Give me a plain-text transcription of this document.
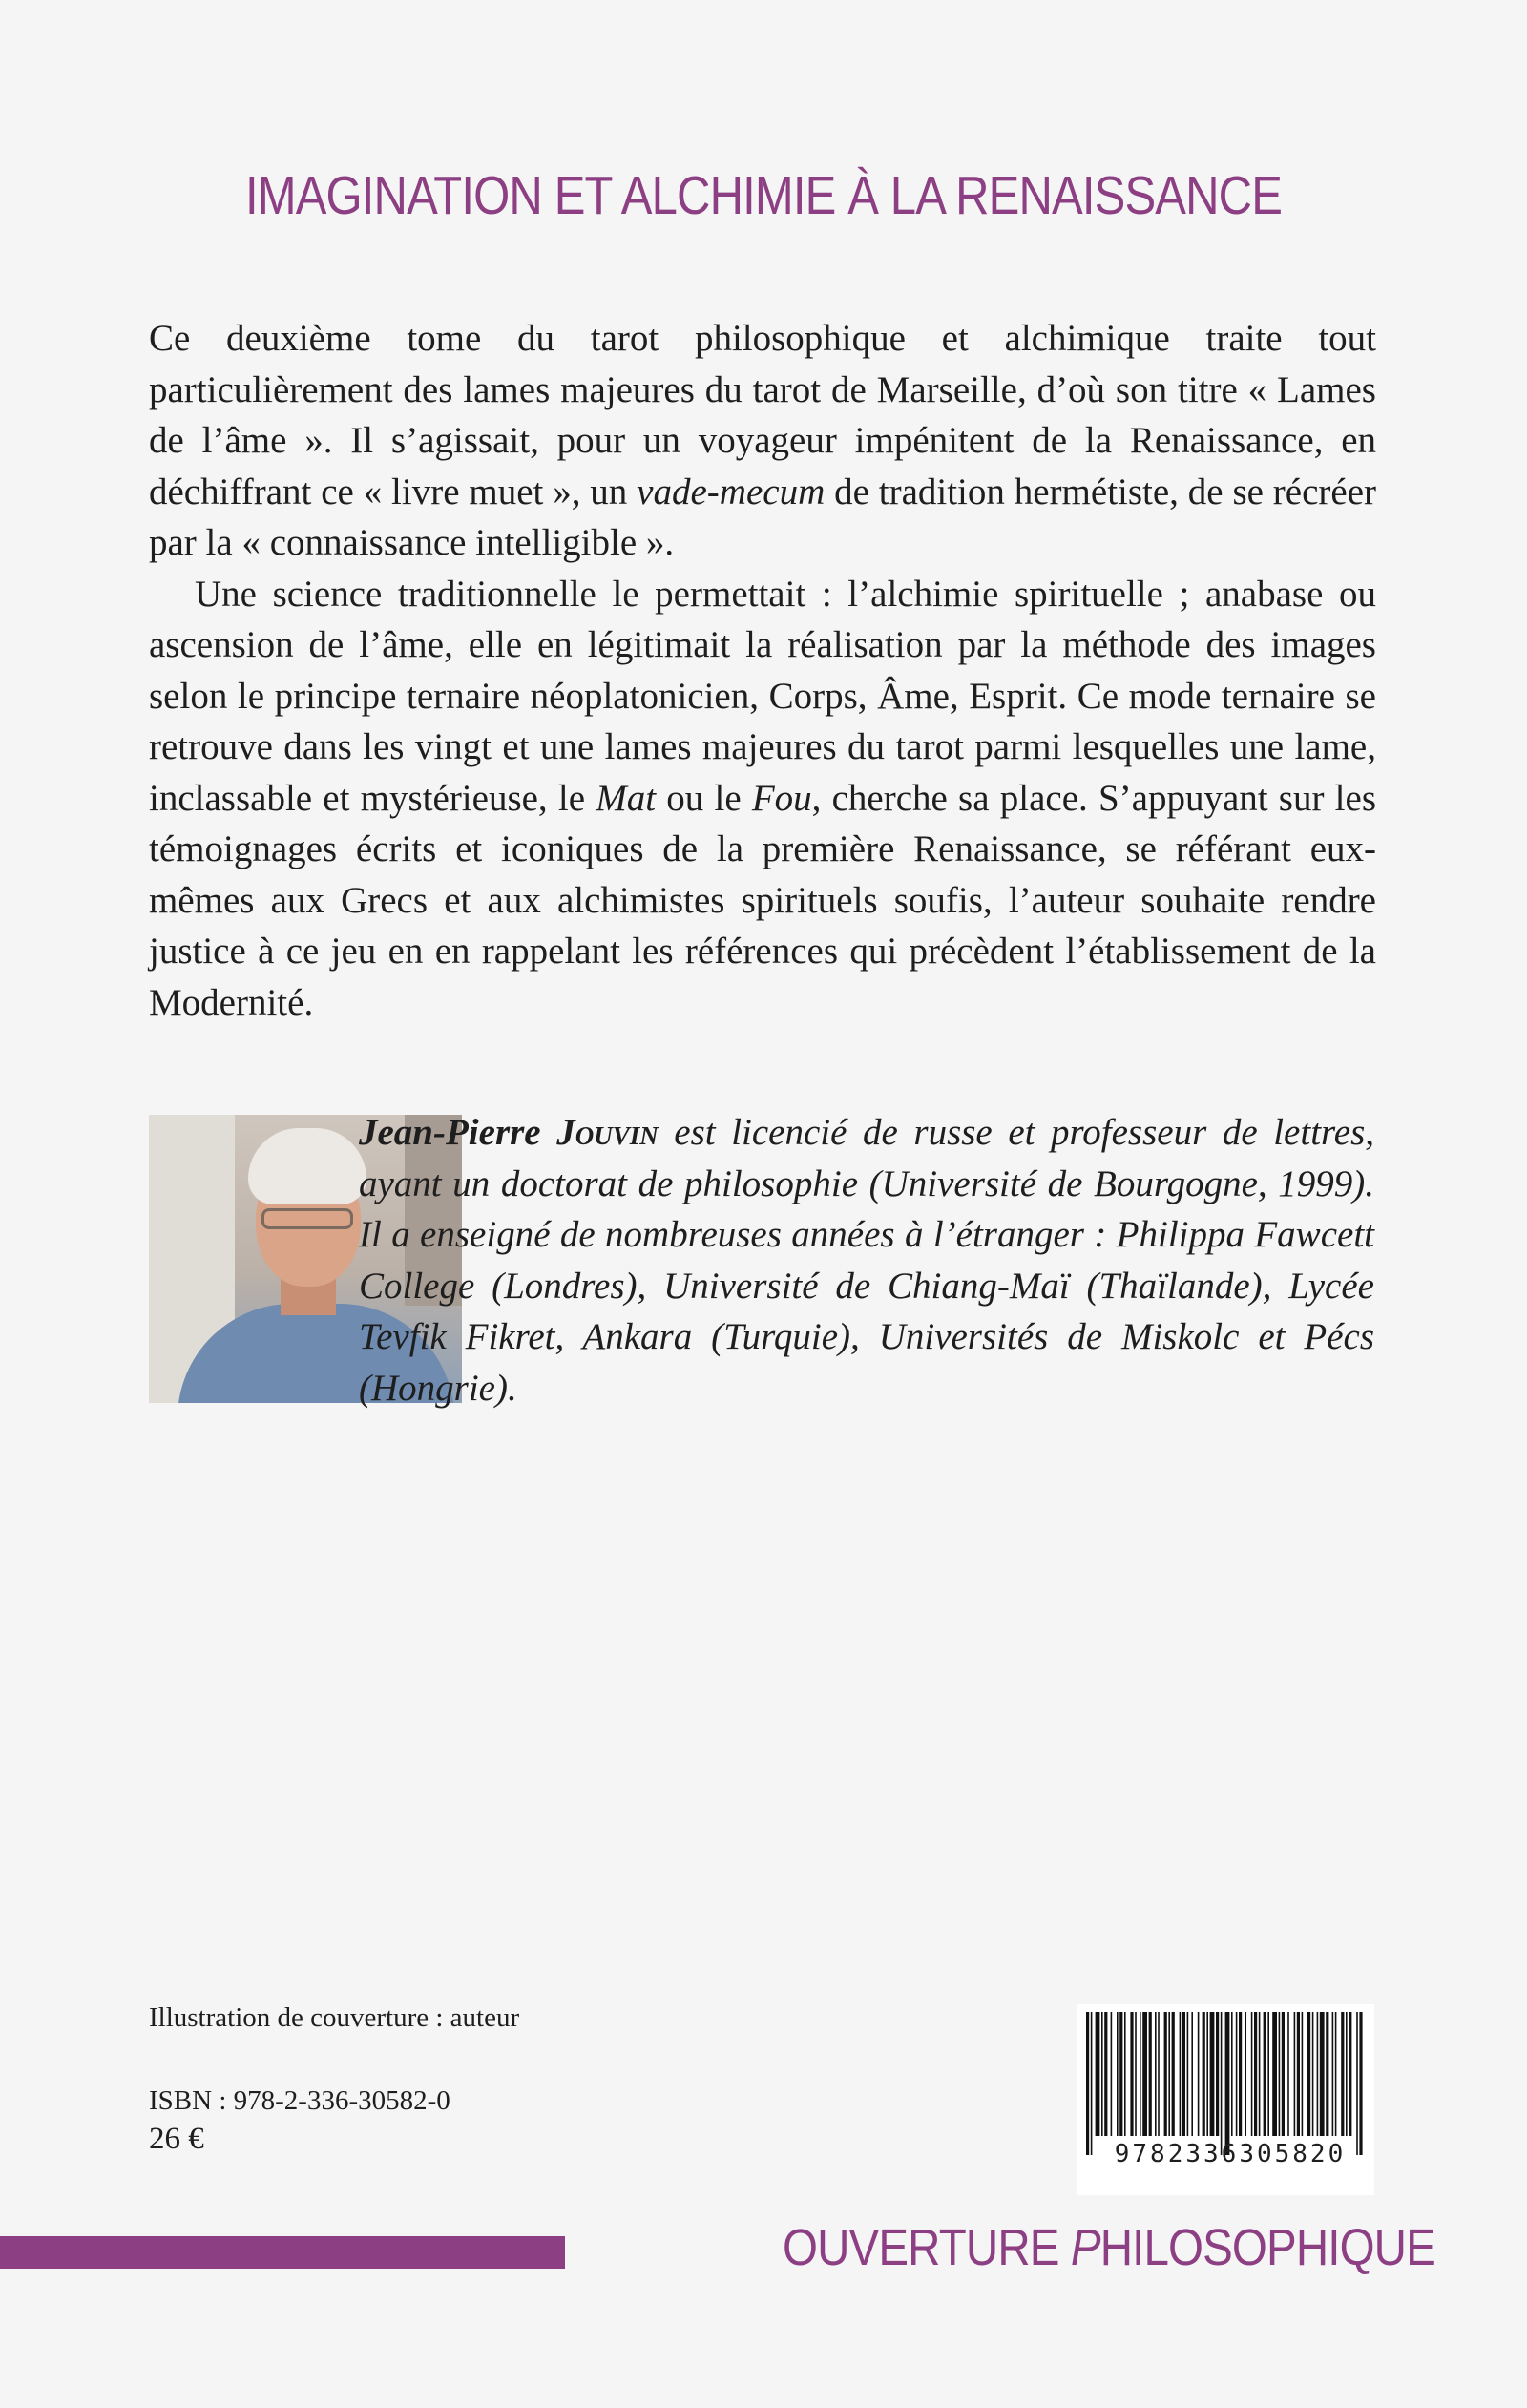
IMAGINATION ET ALCHIMIE À LA RENAISSANCE

Ce deuxième tome du tarot philosophique et alchimique traite tout particulièrement des lames majeures du tarot de Marseille, d’où son titre « Lames de l’âme ». Il s’agissait, pour un voyageur impénitent de la Renaissance, en déchiffrant ce « livre muet », un vade-mecum de tradition hermétiste, de se récréer par la « connaissance intelligible ».

Une science traditionnelle le permettait : l’alchimie spirituelle ; anabase ou ascension de l’âme, elle en légitimait la réalisation par la méthode des images selon le principe ternaire néoplatonicien, Corps, Âme, Esprit. Ce mode ternaire se retrouve dans les vingt et une lames majeures du tarot parmi lesquelles une lame, inclassable et mystérieuse, le Mat ou le Fou, cherche sa place. S’appuyant sur les témoignages écrits et iconiques de la première Renaissance, se référant eux-mêmes aux Grecs et aux alchimistes spirituels soufis, l’auteur souhaite rendre justice à ce jeu en en rappelant les références qui précèdent l’établissement de la Modernité.

Jean-Pierre Jouvin est licencié de russe et professeur de lettres, ayant un doctorat de philosophie (Université de Bourgogne, 1999). Il a enseigné de nombreuses années à l’étranger : Philippa Fawcett College (Londres), Université de Chiang-Maï (Thaïlande), Lycée Tevfik Fikret, Ankara (Turquie), Universités de Miskolc et Pécs (Hongrie).
Illustration de couverture : auteur
ISBN : 978-2-336-30582-0
26 €	9782336305820
OUVERTURE PHILOSOPHIQUE
